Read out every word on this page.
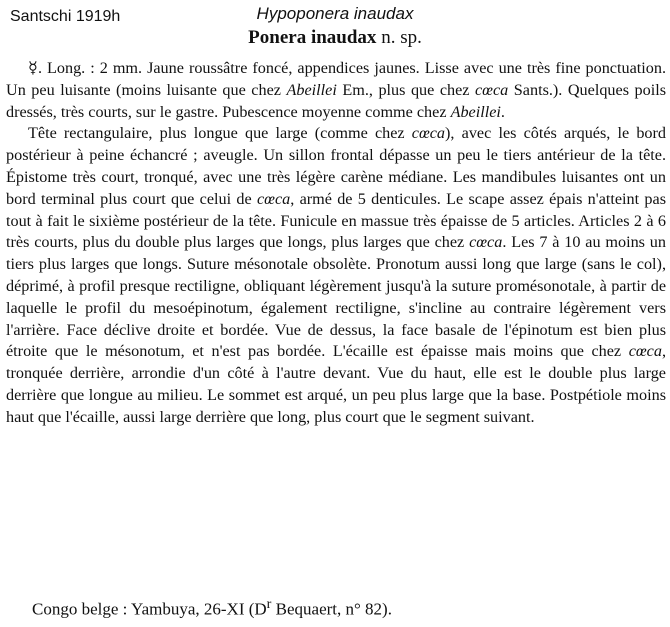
Santschi 1919h	Hypoponera inaudax
Ponera inaudax n. sp.

☿. Long. : 2 mm. Jaune roussâtre foncé, appendices jaunes. Lisse avec une très fine ponctuation. Un peu luisante (moins luisante que chez Abeillei Em., plus que chez cœca Sants.). Quelques poils dressés, très courts, sur le gastre. Pubescence moyenne comme chez Abeillei.

Tête rectangulaire, plus longue que large (comme chez cœca), avec les côtés arqués, le bord postérieur à peine échancré ; aveugle. Un sillon frontal dépasse un peu le tiers antérieur de la tête. Épistome très court, tronqué, avec une très légère carène médiane. Les mandibules luisantes ont un bord terminal plus court que celui de cœca, armé de 5 denticules. Le scape assez épais n'atteint pas tout à fait le sixième postérieur de la tête. Funicule en massue très épaisse de 5 articles. Articles 2 à 6 très courts, plus du double plus larges que longs, plus larges que chez cœca. Les 7 à 10 au moins un tiers plus larges que longs. Suture mésonotale obsolète. Pronotum aussi long que large (sans le col), déprimé, à profil presque rectiligne, obliquant légèrement jusqu'à la suture promésonotale, à partir de laquelle le profil du mesoépinotum, également rectiligne, s'incline au contraire légèrement vers l'arrière. Face déclive droite et bordée. Vue de dessus, la face basale de l'épinotum est bien plus étroite que le mésonotum, et n'est pas bordée. L'écaille est épaisse mais moins que chez cœca, tronquée derrière, arrondie d'un côté à l'autre devant. Vue du haut, elle est le double plus large derrière que longue au milieu. Le sommet est arqué, un peu plus large que la base. Postpétiole moins haut que l'écaille, aussi large derrière que long, plus court que le segment suivant.

Congo belge : Yambuya, 26-XI ($D^r$ Bequaert, n° 82).
